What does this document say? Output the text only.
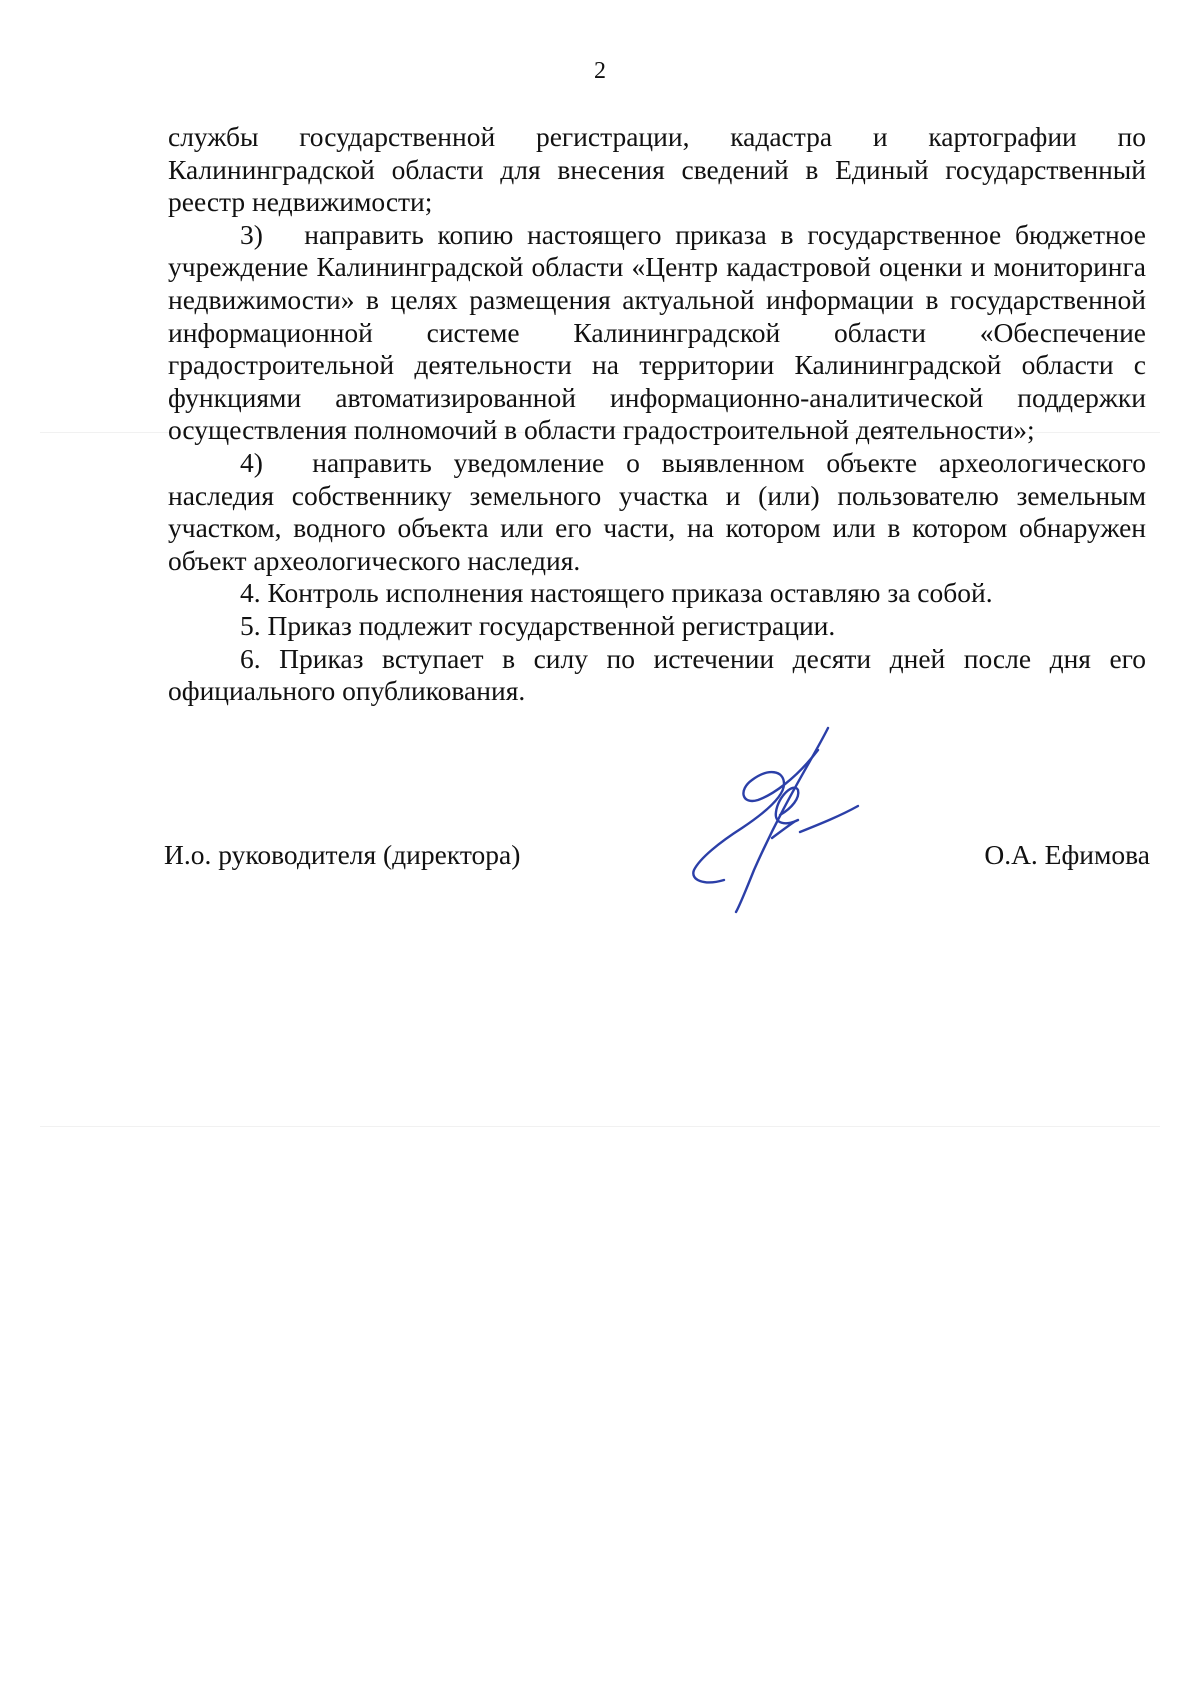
2

службы государственной регистрации, кадастра и картографии по Калининградской области для внесения сведений в Единый государственный реестр недвижимости;

3)  направить копию настоящего приказа в государственное бюджетное учреждение Калининградской области «Центр кадастровой оценки и мониторинга недвижимости» в целях размещения актуальной информации в государственной информационной системе Калининградской области «Обеспечение градостроительной деятельности на территории Калининградской области с функциями автоматизированной информационно-аналитической поддержки осуществления полномочий в области градостроительной деятельности»;

4)  направить уведомление о выявленном объекте археологического наследия собственнику земельного участка и (или) пользователю земельным участком, водного объекта или его части, на котором или в котором обнаружен объект археологического наследия.

4. Контроль исполнения настоящего приказа оставляю за собой.

5. Приказ подлежит государственной регистрации.

6. Приказ вступает в силу по истечении десяти дней после дня его официального опубликования.

И.о. руководителя (директора)	О.А. Ефимова
